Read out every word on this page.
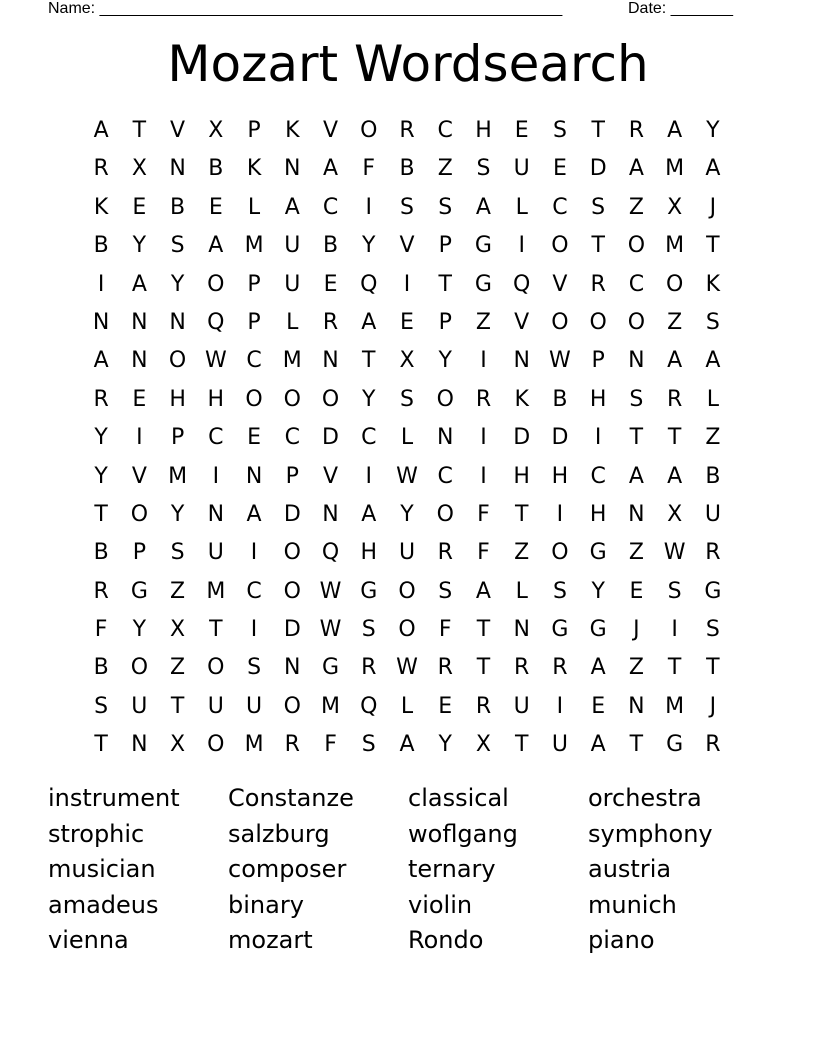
Name: ____________________________________________________	Date: _______
Mozart Wordsearch
A	T	V	X	P	K	V	O R	C	H	E	S	T	R	A	Y
R	X	N	B	K	N	A	F	B	Z	S	U	E	D	A M A
K	E	B	E	L	A	C	I	S	S	A	L	C	S	Z	X	J
B	Y	S	A M U	B	Y	V	P	G	I	O	T	O M	T
I	A	Y	O	P	U	E	Q	I	T	G Q	V	R	C O	K
N N N Q	P	L	R	A	E	P	Z	V	O O O	Z	S
A	N O W C M N	T	X	Y	I	N W P	N	A	A
R	E	H H O O O	Y	S	O R	K	B	H	S	R	L
Y	I	P	C	E	C	D	C	L	N	I	D D	I	T	T	Z
Y	V M	I	N	P	V	I	W C	I	H H	C	A	A	B
T	O	Y	N	A	D N	A	Y	O	F	T	I	H N	X	U
B	P	S	U	I	O Q H U	R	F	Z	O G	Z W R
R	G	Z M C O W G O	S	A	L	S	Y	E	S	G
F	Y	X	T	I	D W S	O	F	T	N G G	J	I	S
B	O	Z	O	S	N G	R W R	T	R	R	A	Z	T	T
S	U	T	U	U O M Q	L	E	R	U	I	E	N M	J
T	N	X	O M R	F	S	A	Y	X	T	U	A	T	G	R
instrument
strophic
musician
amadeus
vienna
Constanze
salzburg
composer
binary
mozart
classical
woflgang
ternary
violin
Rondo
orchestra
symphony
austria
munich
piano
